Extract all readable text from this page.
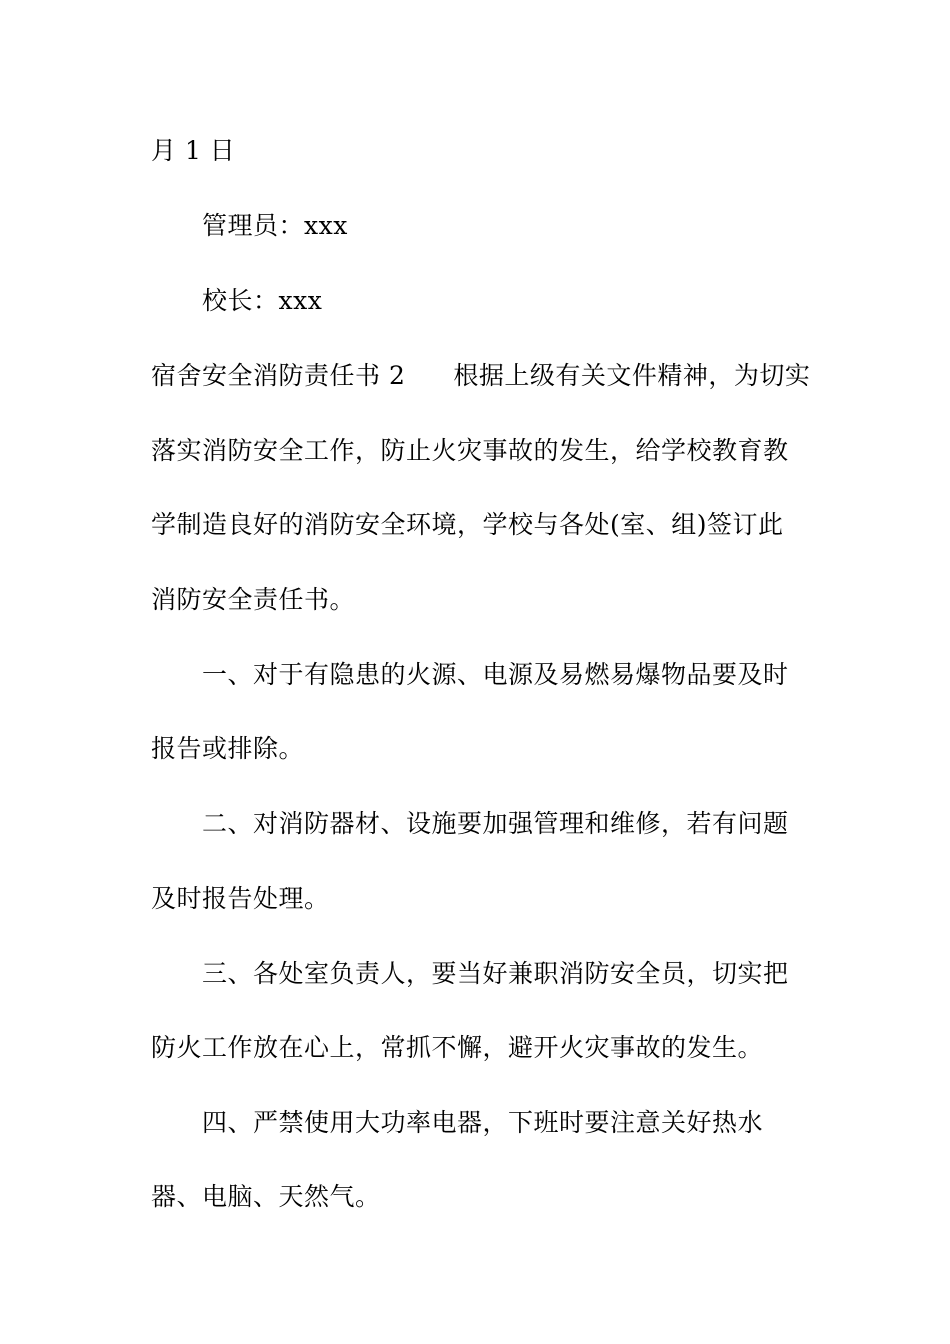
月 1 日
管理员：xxx
校长：xxx
宿舍安全消防责任书 2 根据上级有关文件精神，为切实
落实消防安全工作，防止火灾事故的发生，给学校教育教
学制造良好的消防安全环境，学校与各处(室、组)签订此
消防安全责任书。
一、对于有隐患的火源、电源及易燃易爆物品要及时
报告或排除。
二、对消防器材、设施要加强管理和维修，若有问题
及时报告处理。
三、各处室负责人，要当好兼职消防安全员，切实把
防火工作放在心上，常抓不懈，避开火灾事故的发生。
四、严禁使用大功率电器，下班时要注意关好热水
器、电脑、天然气。
